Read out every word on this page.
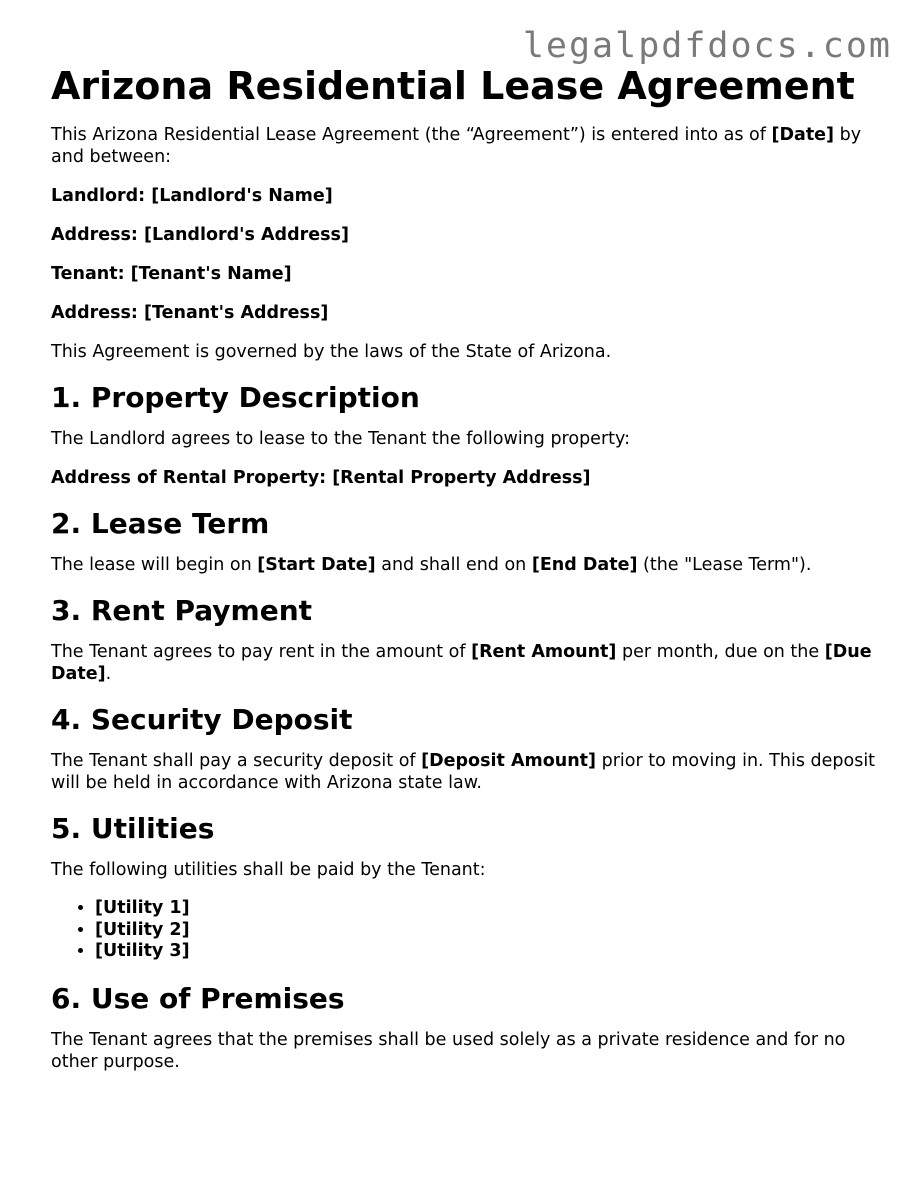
legalpdfdocs.com
Arizona Residential Lease Agreement

This Arizona Residential Lease Agreement (the “Agreement”) is entered into as of [Date] by and between:

Landlord: [Landlord's Name]

Address: [Landlord's Address]

Tenant: [Tenant's Name]

Address: [Tenant's Address]

This Agreement is governed by the laws of the State of Arizona.

1. Property Description

The Landlord agrees to lease to the Tenant the following property:

Address of Rental Property: [Rental Property Address]

2. Lease Term

The lease will begin on [Start Date] and shall end on [End Date] (the "Lease Term").

3. Rent Payment

The Tenant agrees to pay rent in the amount of [Rent Amount] per month, due on the [Due Date].

4. Security Deposit

The Tenant shall pay a security deposit of [Deposit Amount] prior to moving in. This deposit will be held in accordance with Arizona state law.

5. Utilities

The following utilities shall be paid by the Tenant:

• [Utility 1]
• [Utility 2]
• [Utility 3]
6. Use of Premises

The Tenant agrees that the premises shall be used solely as a private residence and for no other purpose.
